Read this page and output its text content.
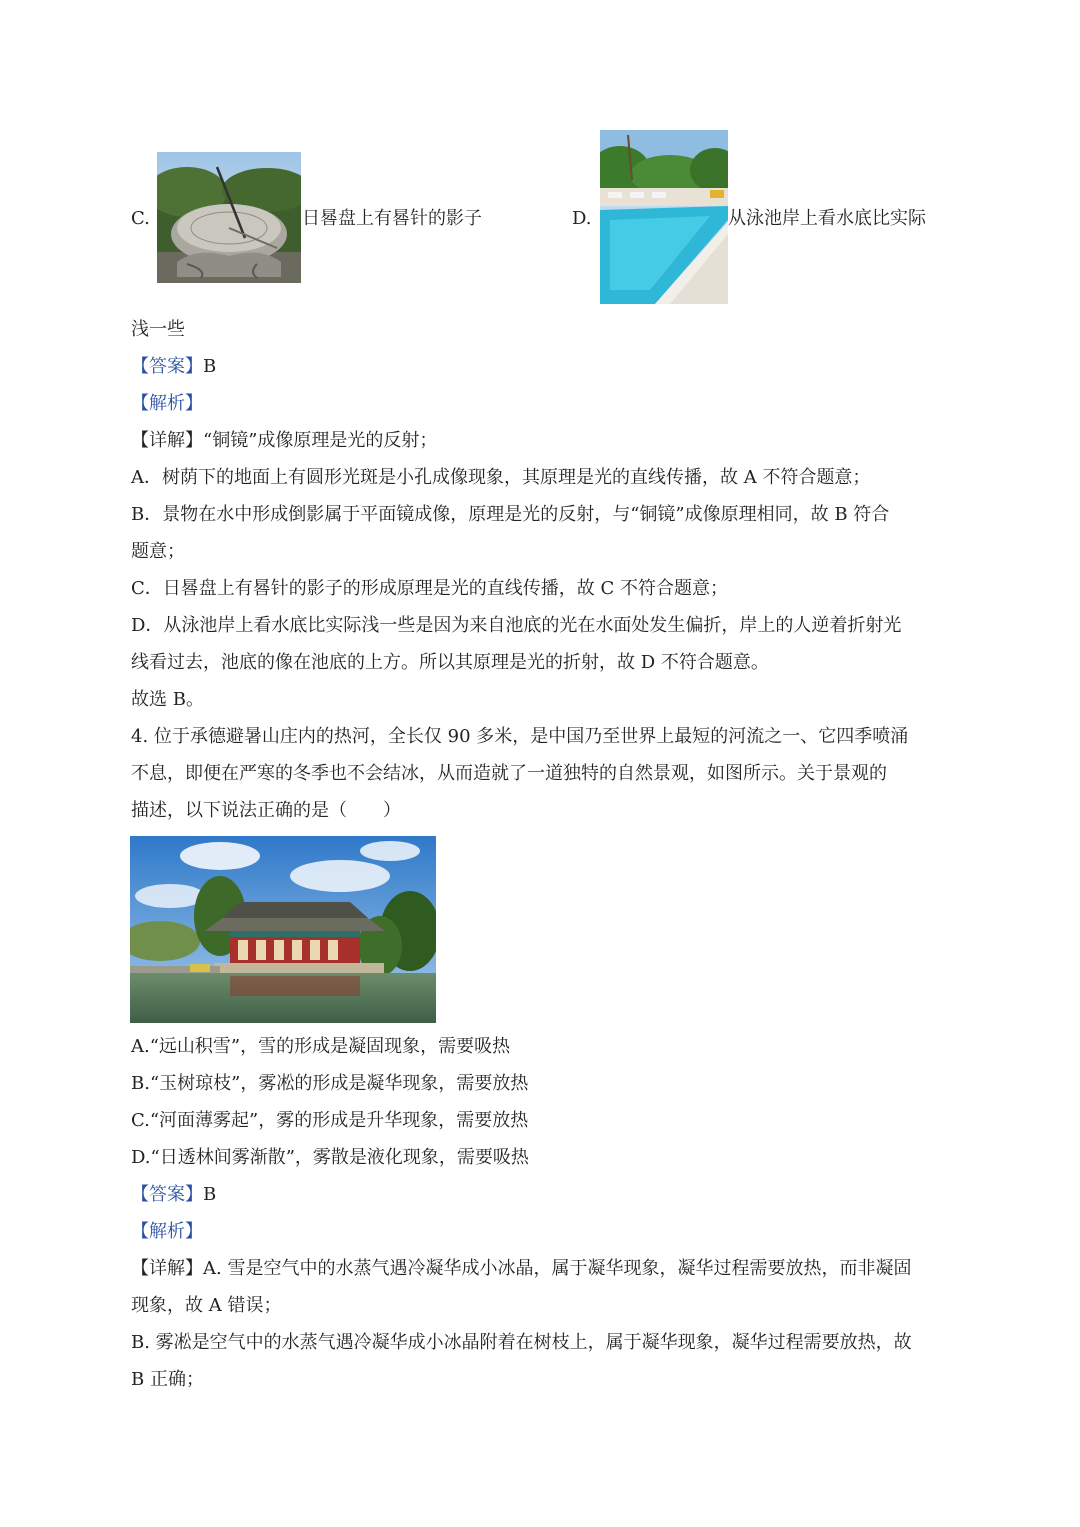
C.	日晷盘上有晷针的影子	D.	从泳池岸上看水底比实际
浅一些
【答案】B
【解析】
【详解】“铜镜”成像原理是光的反射；
A．树荫下的地面上有圆形光斑是小孔成像现象，其原理是光的直线传播，故 A 不符合题意；
B．景物在水中形成倒影属于平面镜成像，原理是光的反射，与“铜镜”成像原理相同，故 B 符合
题意；
C．日晷盘上有晷针的影子的形成原理是光的直线传播，故 C 不符合题意；
D．从泳池岸上看水底比实际浅一些是因为来自池底的光在水面处发生偏折，岸上的人逆着折射光
线看过去，池底的像在池底的上方。所以其原理是光的折射，故 D 不符合题意。
故选 B。
4. 位于承德避暑山庄内的热河，全长仅 90 多米，是中国乃至世界上最短的河流之一、它四季喷涌
不息，即便在严寒的冬季也不会结冰，从而造就了一道独特的自然景观，如图所示。关于景观的
描述，以下说法正确的是（　　）
A.“远山积雪”，雪的形成是凝固现象，需要吸热
B.“玉树琼枝”，雾凇的形成是凝华现象，需要放热
C.“河面薄雾起”，雾的形成是升华现象，需要放热
D.“日透林间雾渐散”，雾散是液化现象，需要吸热
【答案】B
【解析】
【详解】A. 雪是空气中的水蒸气遇冷凝华成小冰晶，属于凝华现象，凝华过程需要放热，而非凝固
现象，故 A 错误；
B. 雾凇是空气中的水蒸气遇冷凝华成小冰晶附着在树枝上，属于凝华现象，凝华过程需要放热，故
B 正确；
